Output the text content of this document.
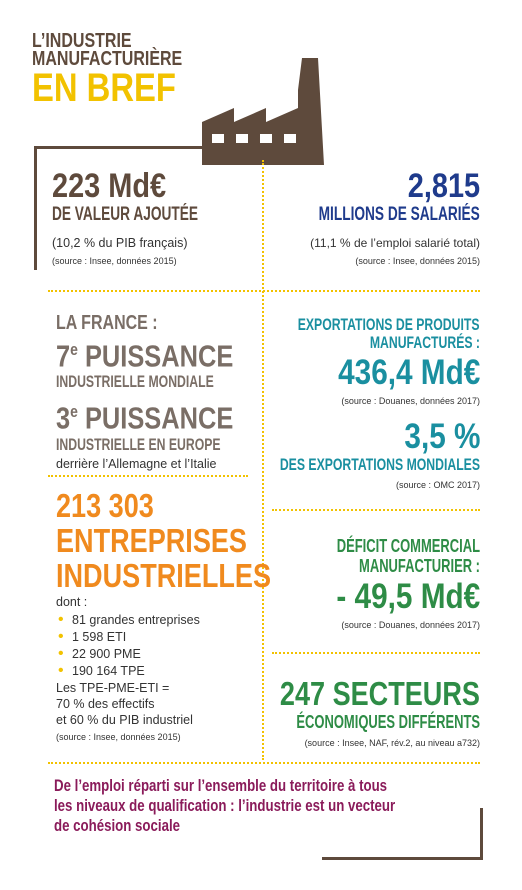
L’INDUSTRIE
MANUFACTURIÈRE
EN BREF
223 Md€
DE VALEUR AJOUTÉE
(10,2 % du PIB français)
(source : Insee, données 2015)
2,815
MILLIONS DE SALARIÉS
(11,1 % de l’emploi salarié total)
(source : Insee, données 2015)
LA FRANCE :
7e PUISSANCE
INDUSTRIELLE MONDIALE
3e PUISSANCE
INDUSTRIELLE EN EUROPE
derrière l’Allemagne et l’Italie
EXPORTATIONS DE PRODUITS
MANUFACTURÉS :
436,4 Md€
(source : Douanes, données 2017)
3,5 %
DES EXPORTATIONS MONDIALES
(source : OMC 2017)
213 303
ENTREPRISES
INDUSTRIELLES
dont :
• 81 grandes entreprises
• 1 598 ETI
• 22 900 PME
• 190 164 TPE
Les TPE-PME-ETI =
70 % des effectifs
et 60 % du PIB industriel
(source : Insee, données 2015)
DÉFICIT COMMERCIAL
MANUFACTURIER :
- 49,5 Md€
(source : Douanes, données 2017)
247 SECTEURS
ÉCONOMIQUES DIFFÉRENTS
(source : Insee, NAF, rév.2, au niveau a732)
De l’emploi réparti sur l’ensemble du territoire à tous
les niveaux de qualification : l’industrie est un vecteur
de cohésion sociale
